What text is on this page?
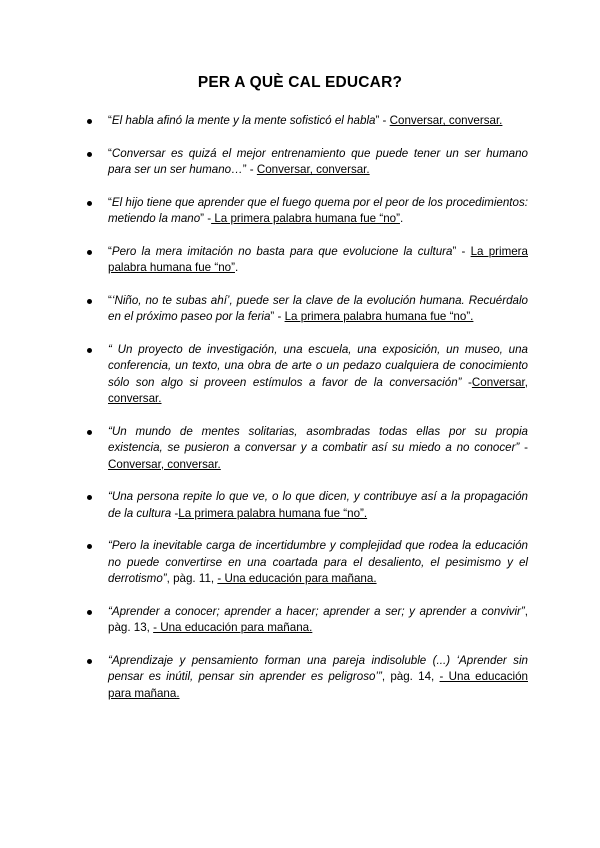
PER A QUÈ CAL EDUCAR?
“El habla afinó la mente y la mente sofisticó el habla” - Conversar, conversar.
“Conversar es quizá el mejor entrenamiento que puede tener un ser humano para ser un ser humano…” - Conversar, conversar.
“El hijo tiene que aprender que el fuego quema por el peor de los procedimientos: metiendo la mano” - La primera palabra humana fue “no”.
“Pero la mera imitación no basta para que evolucione la cultura” - La primera palabra humana fue “no”.
“‘Niño, no te subas ahí’, puede ser la clave de la evolución humana. Recuérdalo en el próximo paseo por la feria” - La primera palabra humana fue “no”.
“ Un proyecto de investigación, una escuela, una exposición, un museo, una conferencia, un texto, una obra de arte o un pedazo cualquiera de conocimiento sólo son algo si proveen estímulos a favor de la conversación” -Conversar, conversar.
“Un mundo de mentes solitarias, asombradas todas ellas por su propia existencia, se pusieron a conversar y a combatir así su miedo a no conocer” -Conversar, conversar.
“Una persona repite lo que ve, o lo que dicen, y contribuye así a la propagación de la cultura -La primera palabra humana fue “no”.
“Pero la inevitable carga de incertidumbre y complejidad que rodea la educación no puede convertirse en una coartada para el desaliento, el pesimismo y el derrotismo”, pàg. 11, - Una educación para mañana.
“Aprender a conocer; aprender a hacer; aprender a ser; y aprender a convivir”, pàg. 13, - Una educación para mañana.
“Aprendizaje y pensamiento forman una pareja indisoluble (...) ‘Aprender sin pensar es inútil, pensar sin aprender es peligroso’”, pàg. 14, - Una educación para mañana.
